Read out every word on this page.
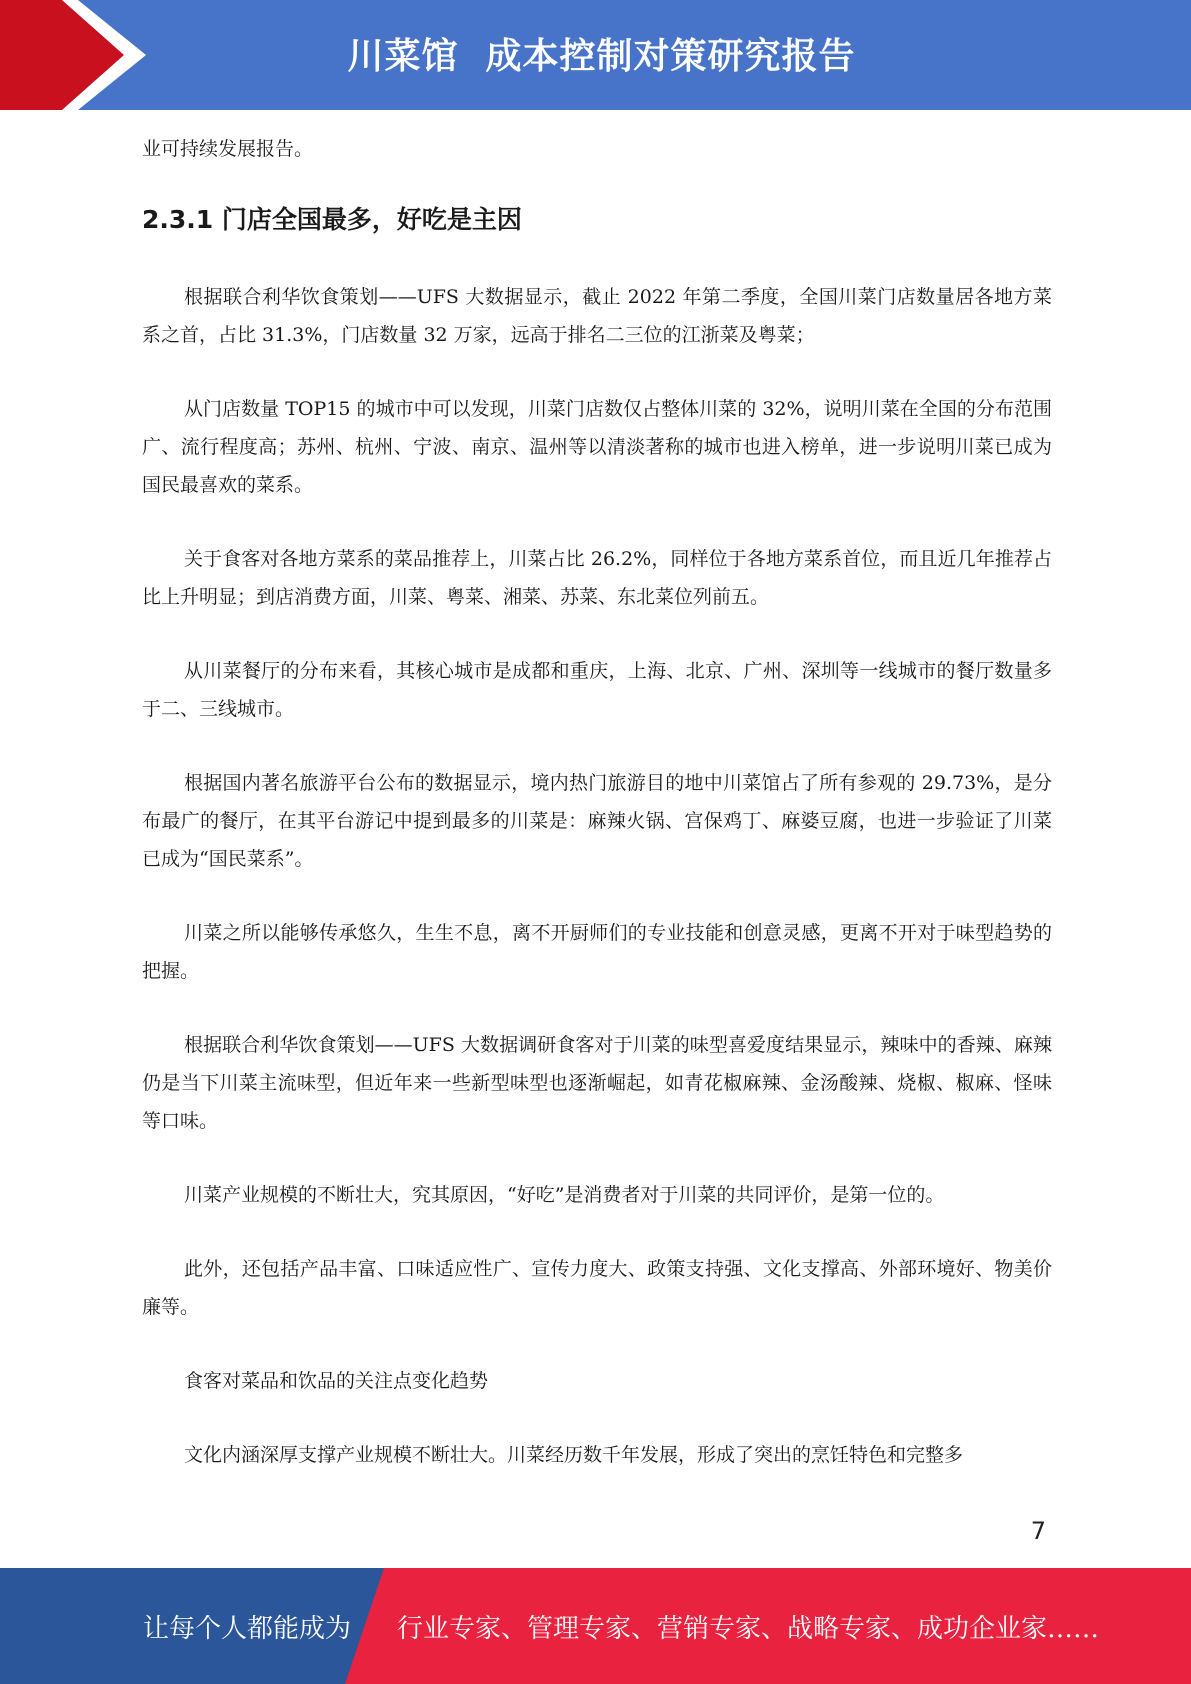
川菜馆  成本控制对策研究报告

业可持续发展报告。

2.3.1 门店全国最多，好吃是主因

根据联合利华饮食策划——UFS 大数据显示，截止 2022 年第二季度，全国川菜门店数量居各地方菜系之首，占比 31.3%，门店数量 32 万家，远高于排名二三位的江浙菜及粤菜；

从门店数量 TOP15 的城市中可以发现，川菜门店数仅占整体川菜的 32%，说明川菜在全国的分布范围广、流行程度高；苏州、杭州、宁波、南京、温州等以清淡著称的城市也进入榜单，进一步说明川菜已成为国民最喜欢的菜系。

关于食客对各地方菜系的菜品推荐上，川菜占比 26.2%，同样位于各地方菜系首位，而且近几年推荐占比上升明显；到店消费方面，川菜、粤菜、湘菜、苏菜、东北菜位列前五。

从川菜餐厅的分布来看，其核心城市是成都和重庆，上海、北京、广州、深圳等一线城市的餐厅数量多于二、三线城市。

根据国内著名旅游平台公布的数据显示，境内热门旅游目的地中川菜馆占了所有参观的 29.73%，是分布最广的餐厅，在其平台游记中提到最多的川菜是：麻辣火锅、宫保鸡丁、麻婆豆腐，也进一步验证了川菜已成为“国民菜系”。

川菜之所以能够传承悠久，生生不息，离不开厨师们的专业技能和创意灵感，更离不开对于味型趋势的把握。

根据联合利华饮食策划——UFS 大数据调研食客对于川菜的味型喜爱度结果显示，辣味中的香辣、麻辣仍是当下川菜主流味型，但近年来一些新型味型也逐渐崛起，如青花椒麻辣、金汤酸辣、烧椒、椒麻、怪味等口味。

川菜产业规模的不断壮大，究其原因，“好吃”是消费者对于川菜的共同评价，是第一位的。

此外，还包括产品丰富、口味适应性广、宣传力度大、政策支持强、文化支撑高、外部环境好、物美价廉等。

食客对菜品和饮品的关注点变化趋势

文化内涵深厚支撑产业规模不断壮大。川菜经历数千年发展，形成了突出的烹饪特色和完整多

7
让每个人都能成为 行业专家、管理专家、营销专家、战略专家、成功企业家……
